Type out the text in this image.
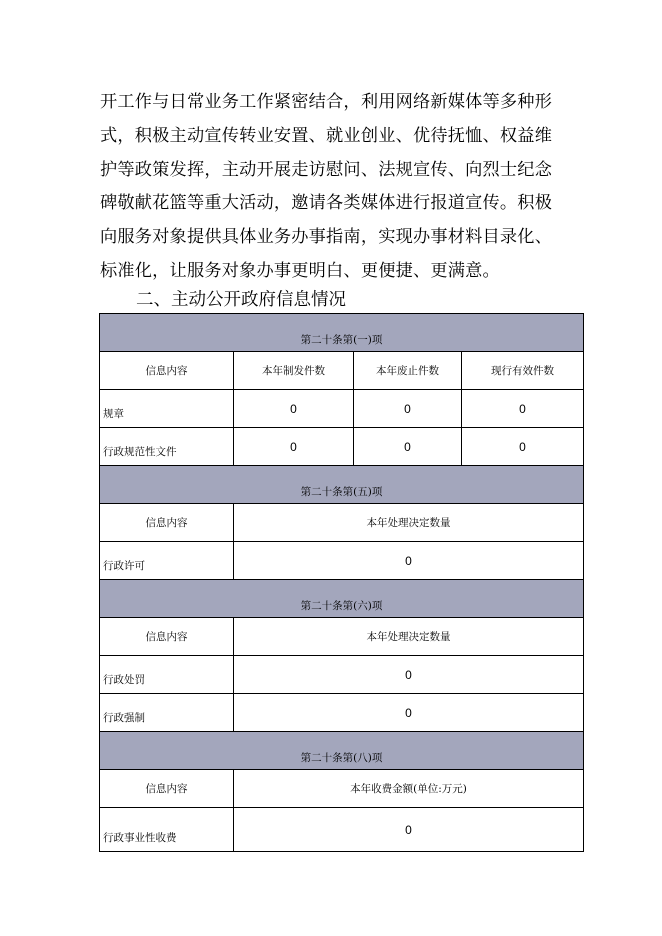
开工作与日常业务工作紧密结合，利用网络新媒体等多种形
式，积极主动宣传转业安置、就业创业、优待抚恤、权益维
护等政策发挥，主动开展走访慰问、法规宣传、向烈士纪念
碑敬献花篮等重大活动，邀请各类媒体进行报道宣传。积极
向服务对象提供具体业务办事指南，实现办事材料目录化、
标准化，让服务对象办事更明白、更便捷、更满意。
二、主动公开政府信息情况
第二十条第(一)项			
信息内容	本年制发件数	本年废止件数	现行有效件数
规章	0	0	0
行政规范性文件	0	0	0
第二十条第(五)项			
信息内容	本年处理决定数量		
行政许可	0		
第二十条第(六)项			
信息内容	本年处理决定数量		
行政处罚	0		
行政强制	0		
第二十条第(八)项			
信息内容	本年收费金额(单位:万元)		
行政事业性收费	0		
